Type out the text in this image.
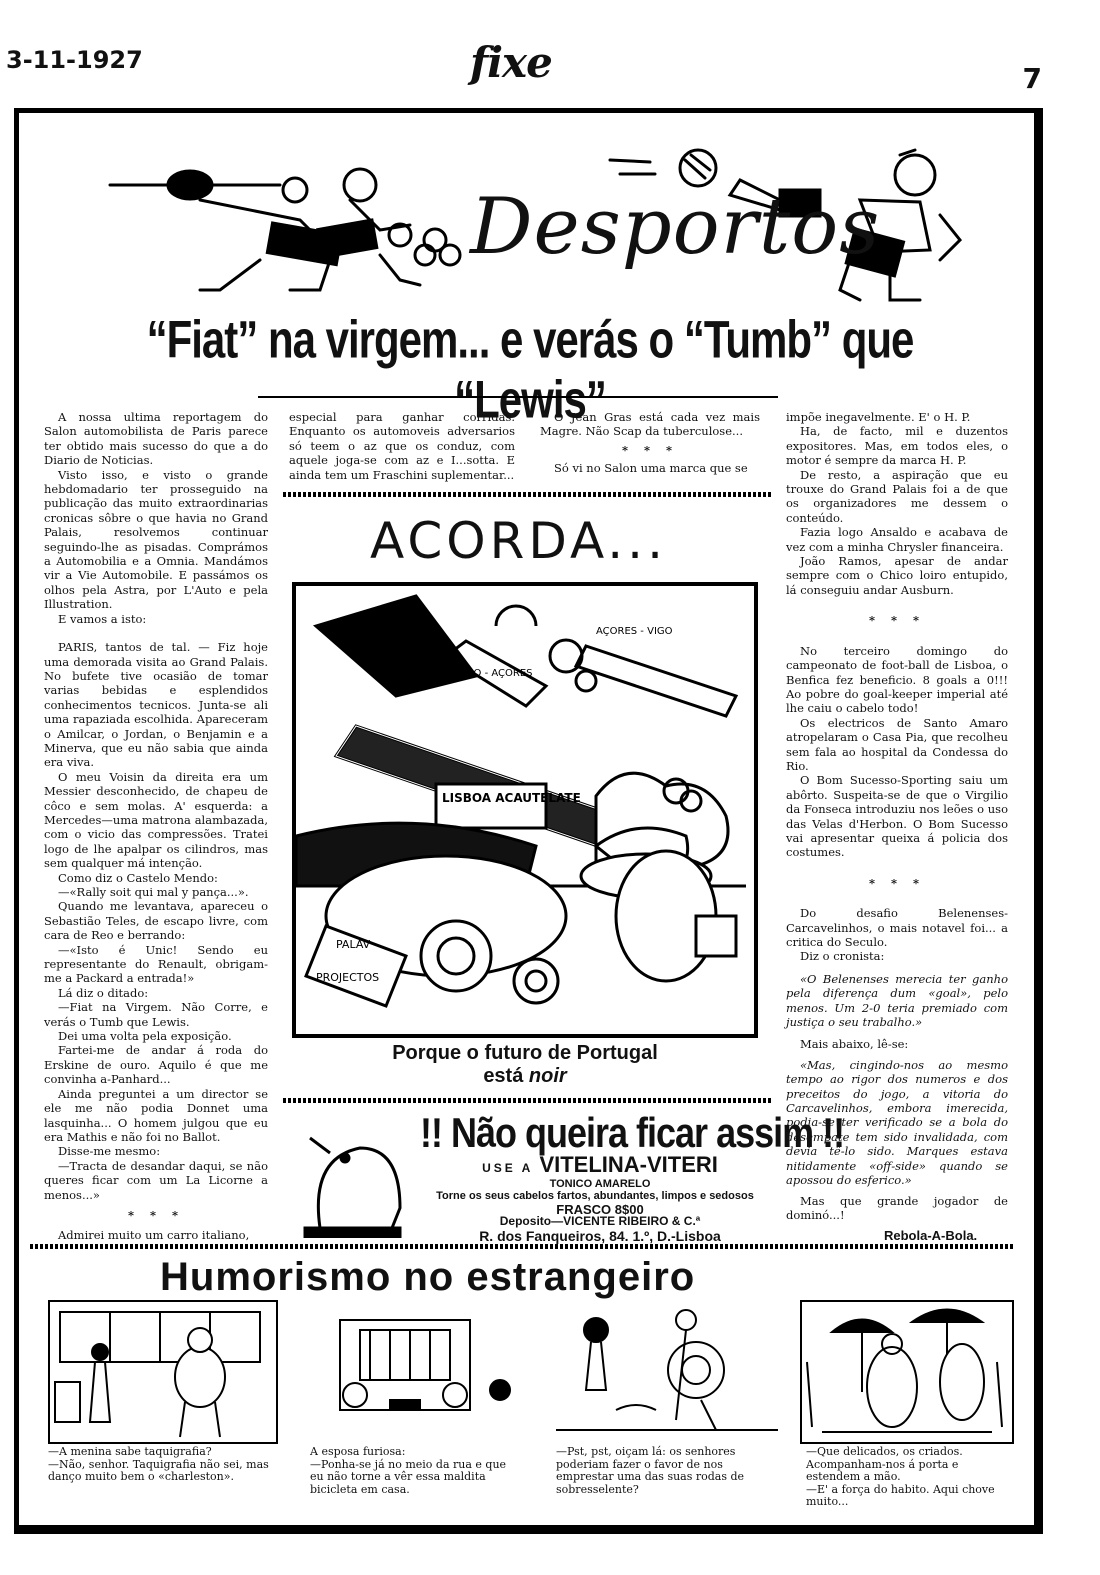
3-11-1927	fixe	7
Desportos
“Fiat” na virgem... e verás o “Tumb” que “Lewis”

A nossa ultima reportagem do Salon automobilista de Paris parece ter obtido mais sucesso do que a do Diario de Noticias.

Visto isso, e visto o grande hebdomadario ter prosseguido na publicação das muito extraordinarias cronicas sôbre o que havia no Grand Palais, resolvemos continuar seguindo-lhe as pisadas. Comprámos a Automobilia e a Omnia. Mandámos vir a Vie Automobile. E passámos os olhos pela Astra, por L'Auto e pela Illustration.

E vamos a isto:

PARIS, tantos de tal. — Fiz hoje uma demorada visita ao Grand Palais. No bufete tive ocasião de tomar varias bebidas e esplendidos conhecimentos tecnicos. Junta-se ali uma rapaziada escolhida. Apareceram o Amilcar, o Jordan, o Benjamin e a Minerva, que eu não sabia que ainda era viva.

O meu Voisin da direita era um Messier desconhecido, de chapeu de côco e sem molas. A' esquerda: a Mercedes—uma matrona alambazada, com o vicio das compressões. Tratei logo de lhe apalpar os cilindros, mas sem qualquer má intenção.

Como diz o Castelo Mendo:

—«Rally soit qui mal y pança...».

Quando me levantava, apareceu o Sebastião Teles, de escapo livre, com cara de Reo e berrando:

—«Isto é Unic! Sendo eu representante do Renault, obrigam-me a Packard a entrada!»

Lá diz o ditado:

—Fiat na Virgem. Não Corre, e verás o Tumb que Lewis.

Dei uma volta pela exposição.

Fartei-me de andar á roda do Erskine de ouro. Aquilo é que me convinha a-Panhard...

Ainda preguntei a um director se ele me não podia Donnet uma lasquinha... O homem julgou que eu era Mathis e não foi no Ballot.

Disse-me mesmo:

—Tracta de desandar daqui, se não queres ficar com um La Licorne a menos...»

* * *

Admirei muito um carro italiano,

especial para ganhar corridas. Enquanto os automoveis adversarios só teem o az que os conduz, com aquele joga-se com az e I...sotta. E ainda tem um Fraschini suplementar...

O Jean Gras está cada vez mais Magre. Não Scap da tuberculose...

* * *

Só vi no Salon uma marca que se

impõe inegavelmente. E' o H. P.

Ha, de facto, mil e duzentos expositores. Mas, em todos eles, o motor é sempre da marca H. P.

De resto, a aspiração que eu trouxe do Grand Palais foi a de que os organizadores me dessem o conteúdo.

Fazia logo Ansaldo e acabava de vez com a minha Chrysler financeira.

João Ramos, apesar de andar sempre com o Chico loiro entupido, lá conseguiu andar Ausburn.

* * *

No terceiro domingo do campeonato de foot-ball de Lisboa, o Benfica fez beneficio. 8 goals a 0!!! Ao pobre do goal-keeper imperial até lhe caiu o cabelo todo!

Os electricos de Santo Amaro atropelaram o Casa Pia, que recolheu sem fala ao hospital da Condessa do Rio.

O Bom Sucesso-Sporting saiu um abôrto. Suspeita-se de que o Virgilio da Fonseca introduziu nos leões o uso das Velas d'Herbon. O Bom Sucesso vai apresentar queixa á policia dos costumes.

* * *

Do desafio Belenenses-Carcavelinhos, o mais notavel foi... a critica do Seculo.

Diz o cronista:

«O Belenenses merecia ter ganho pela diferença dum «goal», pelo menos. Um 2-0 teria premiado com justiça o seu trabalho.»

Mais abaixo, lê-se:

«Mas, cingindo-nos ao mesmo tempo ao rigor dos numeros e dos preceitos do jogo, a vitoria do Carcavelinhos, embora imerecida, podia-se ter verificado se a bola do desempate tem sido invalidada, com devia tê-lo sido. Marques estava nitidamente «off-side» quando se apossou do esferico.»

Mas que grande jogador de dominó...!

Rebola-A-Bola.
ACORDA...
AÇORES - VIGO
VIGO - AÇORES
LISBOA ACAUTELATE
PALAV
PROJECTOS
Porque o futuro de Portugal
está noir
!! Não queira ficar assim !!
USE A VITELINA-VITERI
TONICO AMARELO
Torne os seus cabelos fartos, abundantes, limpos e sedosos
FRASCO 8$00
Deposito—VICENTE RIBEIRO & C.ª
R. dos Fanqueiros, 84. 1.º, D.-Lisboa
Humorismo no estrangeiro
—A menina sabe taquigrafia?
—Não, senhor. Taquigrafia não sei, mas danço muito bem o «charleston».
A esposa furiosa:
—Ponha-se já no meio da rua e que eu não torne a vêr essa maldita bicicleta em casa.
—Pst, pst, oiçam lá: os senhores poderiam fazer o favor de nos emprestar uma das suas rodas de sobresselente?
—Que delicados, os criados. Acompanham-nos á porta e estendem a mão.
—E' a força do habito. Aqui chove muito...
